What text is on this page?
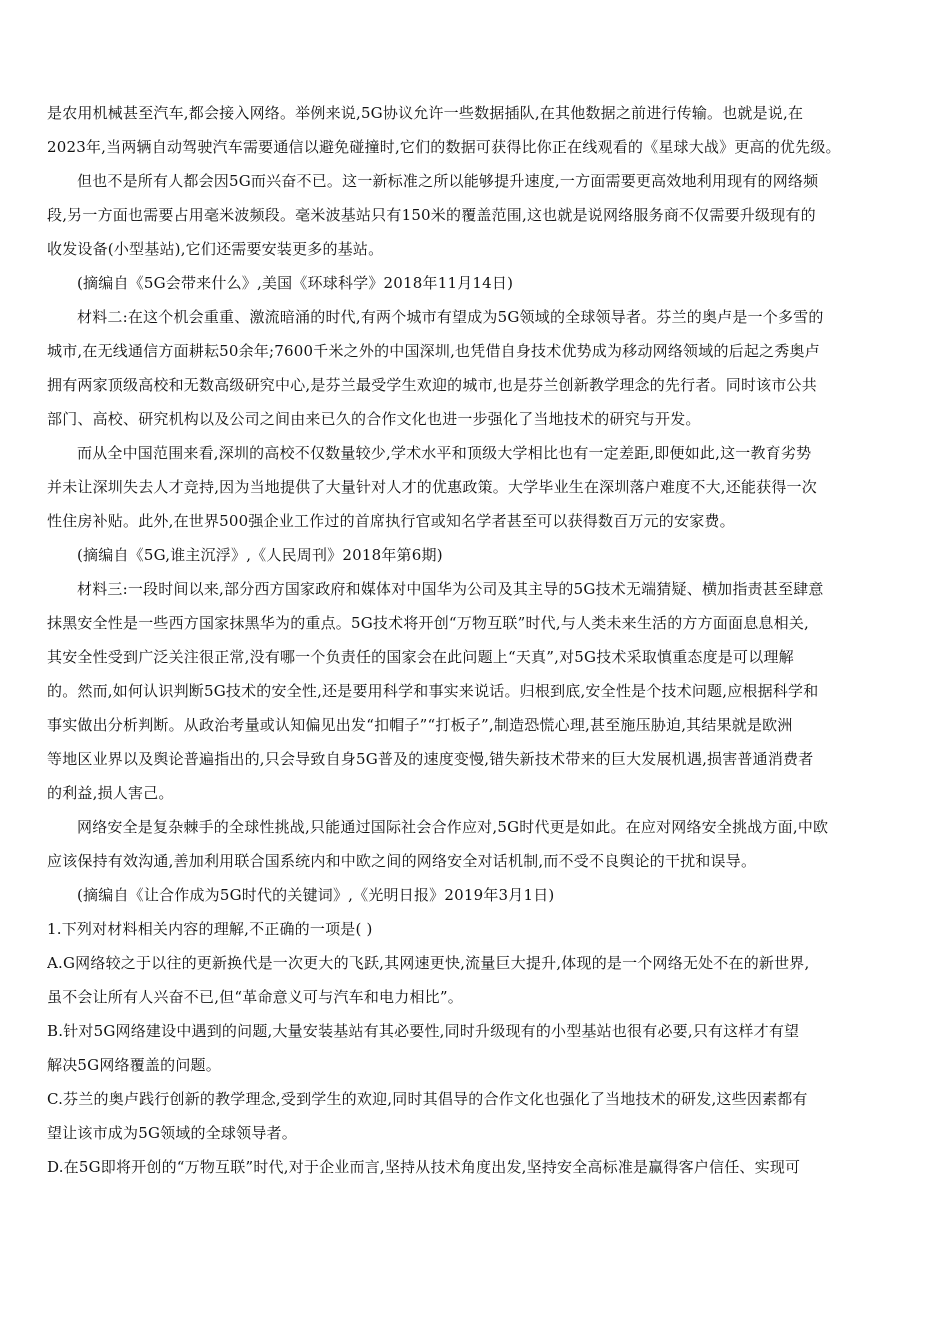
是农用机械甚至汽车,都会接入网络。举例来说,5G协议允许一些数据插队,在其他数据之前进行传输。也就是说,在
2023年,当两辆自动驾驶汽车需要通信以避免碰撞时,它们的数据可获得比你正在线观看的《星球大战》更高的优先级。
但也不是所有人都会因5G而兴奋不已。这一新标准之所以能够提升速度,一方面需要更高效地利用现有的网络频
段,另一方面也需要占用毫米波频段。毫米波基站只有150米的覆盖范围,这也就是说网络服务商不仅需要升级现有的
收发设备(小型基站),它们还需要安装更多的基站。
(摘编自《5G会带来什么》,美国《环球科学》2018年11月14日)
材料二:在这个机会重重、激流暗涌的时代,有两个城市有望成为5G领域的全球领导者。芬兰的奥卢是一个多雪的
城市,在无线通信方面耕耘50余年;7600千米之外的中国深圳,也凭借自身技术优势成为移动网络领域的后起之秀奥卢
拥有两家顶级高校和无数高级研究中心,是芬兰最受学生欢迎的城市,也是芬兰创新教学理念的先行者。同时该市公共
部门、高校、研究机构以及公司之间由来已久的合作文化也进一步强化了当地技术的研究与开发。
而从全中国范围来看,深圳的高校不仅数量较少,学术水平和顶级大学相比也有一定差距,即便如此,这一教育劣势
并未让深圳失去人才竞持,因为当地提供了大量针对人才的优惠政策。大学毕业生在深圳落户难度不大,还能获得一次
性住房补贴。此外,在世界500强企业工作过的首席执行官或知名学者甚至可以获得数百万元的安家费。
(摘编自《5G,谁主沉浮》,《人民周刊》2018年第6期)
材料三:一段时间以来,部分西方国家政府和媒体对中国华为公司及其主导的5G技术无端猜疑、横加指责甚至肆意
抹黑安全性是一些西方国家抹黑华为的重点。5G技术将开创“万物互联”时代,与人类未来生活的方方面面息息相关,
其安全性受到广泛关注很正常,没有哪一个负责任的国家会在此问题上“天真”,对5G技术采取慎重态度是可以理解
的。然而,如何认识判断5G技术的安全性,还是要用科学和事实来说话。归根到底,安全性是个技术问题,应根据科学和
事实做出分析判断。从政治考量或认知偏见出发“扣帽子”“打板子”,制造恐慌心理,甚至施压胁迫,其结果就是欧洲
等地区业界以及舆论普遍指出的,只会导致自身5G普及的速度变慢,错失新技术带来的巨大发展机遇,损害普通消费者
的利益,损人害己。
网络安全是复杂棘手的全球性挑战,只能通过国际社会合作应对,5G时代更是如此。在应对网络安全挑战方面,中欧
应该保持有效沟通,善加利用联合国系统内和中欧之间的网络安全对话机制,而不受不良舆论的干扰和误导。
(摘编自《让合作成为5G时代的关键词》,《光明日报》2019年3月1日)
1.下列对材料相关内容的理解,不正确的一项是( )
A.G网络较之于以往的更新换代是一次更大的飞跃,其网速更快,流量巨大提升,体现的是一个网络无处不在的新世界,
虽不会让所有人兴奋不已,但“革命意义可与汽车和电力相比”。
B.针对5G网络建设中遇到的问题,大量安装基站有其必要性,同时升级现有的小型基站也很有必要,只有这样才有望
解决5G网络覆盖的问题。
C.芬兰的奥卢践行创新的教学理念,受到学生的欢迎,同时其倡导的合作文化也强化了当地技术的研发,这些因素都有
望让该市成为5G领域的全球领导者。
D.在5G即将开创的“万物互联”时代,对于企业而言,坚持从技术角度出发,坚持安全高标准是赢得客户信任、实现可
